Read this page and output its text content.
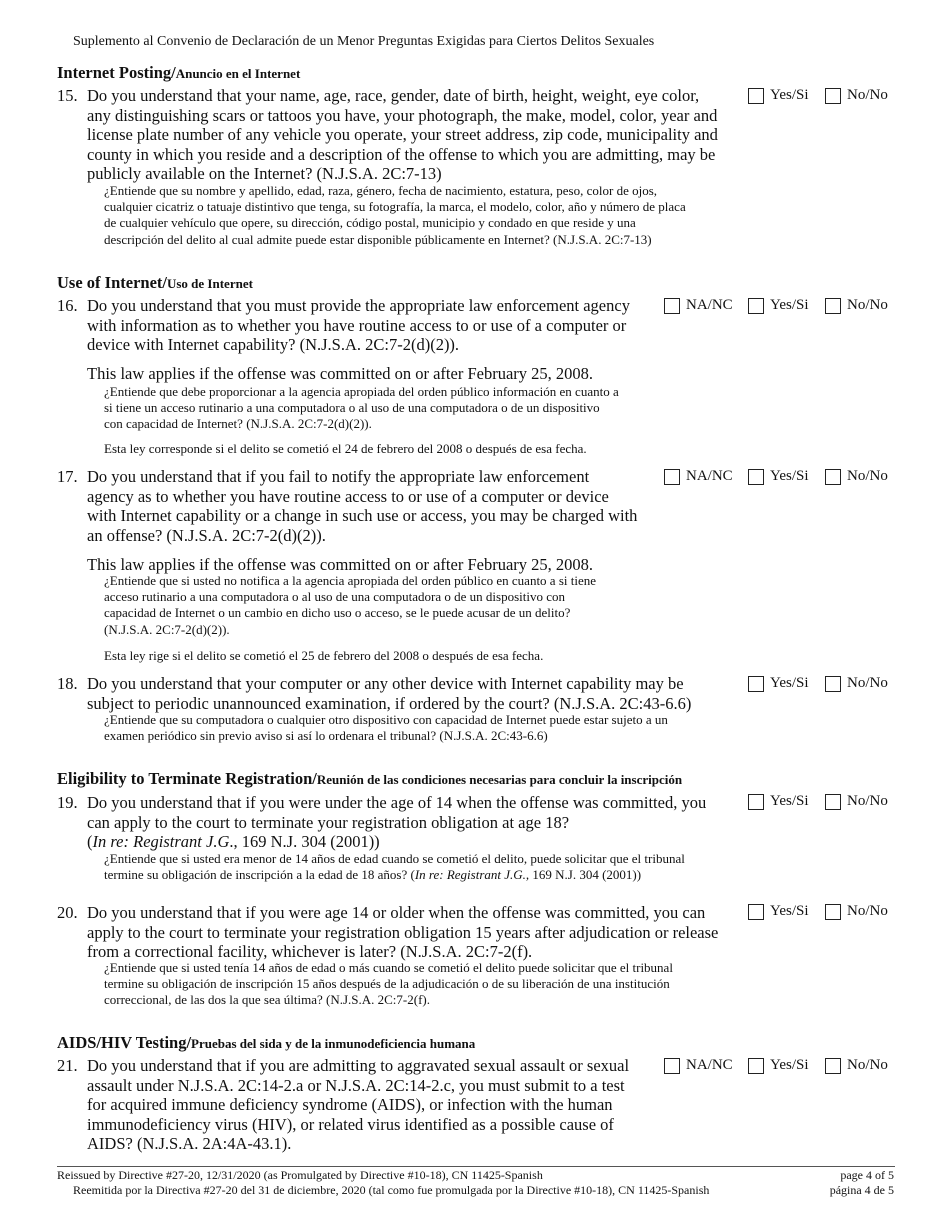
Suplemento al Convenio de Declaración de un Menor Preguntas Exigidas para Ciertos Delitos Sexuales
Internet Posting/Anuncio en el Internet
15. Do you understand that your name, age, race, gender, date of birth, height, weight, eye color,
any distinguishing scars or tattoos you have, your photograph, the make, model, color, year and
license plate number of any vehicle you operate, your street address, zip code, municipality and
county in which you reside and a description of the offense to which you are admitting, may be
publicly available on the Internet? (N.J.S.A. 2C:7-13)
¿Entiende que su nombre y apellido, edad, raza, género, fecha de nacimiento, estatura, peso, color de ojos,
cualquier cicatriz o tatuaje distintivo que tenga, su fotografía, la marca, el modelo, color, año y número de placa
de cualquier vehículo que opere, su dirección, código postal, municipio y condado en que reside y una
descripción del delito al cual admite puede estar disponible públicamente en Internet? (N.J.S.A. 2C:7-13)
Yes/Si	No/No
Use of Internet/Uso de Internet
16. Do you understand that you must provide the appropriate law enforcement agency
with information as to whether you have routine access to or use of a computer or
device with Internet capability? (N.J.S.A. 2C:7-2(d)(2)).
This law applies if the offense was committed on or after February 25, 2008.
¿Entiende que debe proporcionar a la agencia apropiada del orden público información en cuanto a
si tiene un acceso rutinario a una computadora o al uso de una computadora o de un dispositivo
con capacidad de Internet? (N.J.S.A. 2C:7-2(d)(2)).
Esta ley corresponde si el delito se cometió el 24 de febrero del 2008 o después de esa fecha.
NA/NC Yes/Si	No/No
17. Do you understand that if you fail to notify the appropriate law enforcement
agency as to whether you have routine access to or use of a computer or device
with Internet capability or a change in such use or access, you may be charged with
an offense? (N.J.S.A. 2C:7-2(d)(2)).
This law applies if the offense was committed on or after February 25, 2008.
¿Entiende que si usted no notifica a la agencia apropiada del orden público en cuanto a si tiene
acceso rutinario a una computadora o al uso de una computadora o de un dispositivo con
capacidad de Internet o un cambio en dicho uso o acceso, se le puede acusar de un delito?
(N.J.S.A. 2C:7-2(d)(2)).
Esta ley rige si el delito se cometió el 25 de febrero del 2008 o después de esa fecha.
NA/NC Yes/Si	No/No
18. Do you understand that your computer or any other device with Internet capability may be
subject to periodic unannounced examination, if ordered by the court? (N.J.S.A. 2C:43-6.6)
¿Entiende que su computadora o cualquier otro dispositivo con capacidad de Internet puede estar sujeto a un
examen periódico sin previo aviso si así lo ordenara el tribunal? (N.J.S.A. 2C:43-6.6)
Yes/Si	No/No
Eligibility to Terminate Registration/Reunión de las condiciones necesarias para concluir la inscripción
19. Do you understand that if you were under the age of 14 when the offense was committed, you
can apply to the court to terminate your registration obligation at age 18?
(In re: Registrant J.G., 169 N.J. 304 (2001))
¿Entiende que si usted era menor de 14 años de edad cuando se cometió el delito, puede solicitar que el tribunal
termine su obligación de inscripción a la edad de 18 años? (In re: Registrant J.G., 169 N.J. 304 (2001))
Yes/Si	No/No
20. Do you understand that if you were age 14 or older when the offense was committed, you can
apply to the court to terminate your registration obligation 15 years after adjudication or release
from a correctional facility, whichever is later? (N.J.S.A. 2C:7-2(f).
¿Entiende que si usted tenía 14 años de edad o más cuando se cometió el delito puede solicitar que el tribunal
termine su obligación de inscripción 15 años después de la adjudicación o de su liberación de una institución
correccional, de las dos la que sea última? (N.J.S.A. 2C:7-2(f).
Yes/Si	No/No
AIDS/HIV Testing/Pruebas del sida y de la inmunodeficiencia humana
21. Do you understand that if you are admitting to aggravated sexual assault or sexual
assault under N.J.S.A. 2C:14-2.a or N.J.S.A. 2C:14-2.c, you must submit to a test
for acquired immune deficiency syndrome (AIDS), or infection with the human
immunodeficiency virus (HIV), or related virus identified as a possible cause of
AIDS? (N.J.S.A. 2A:4A-43.1).
NA/NC Yes/Si	No/No
Reissued by Directive #27-20, 12/31/2020 (as Promulgated by Directive #10-18), CN 11425-Spanish
Reemitida por la Directiva #27-20 del 31 de diciembre, 2020 (tal como fue promulgada por la Directive #10-18), CN 11425-Spanish
page 4 of 5
página 4 de 5
